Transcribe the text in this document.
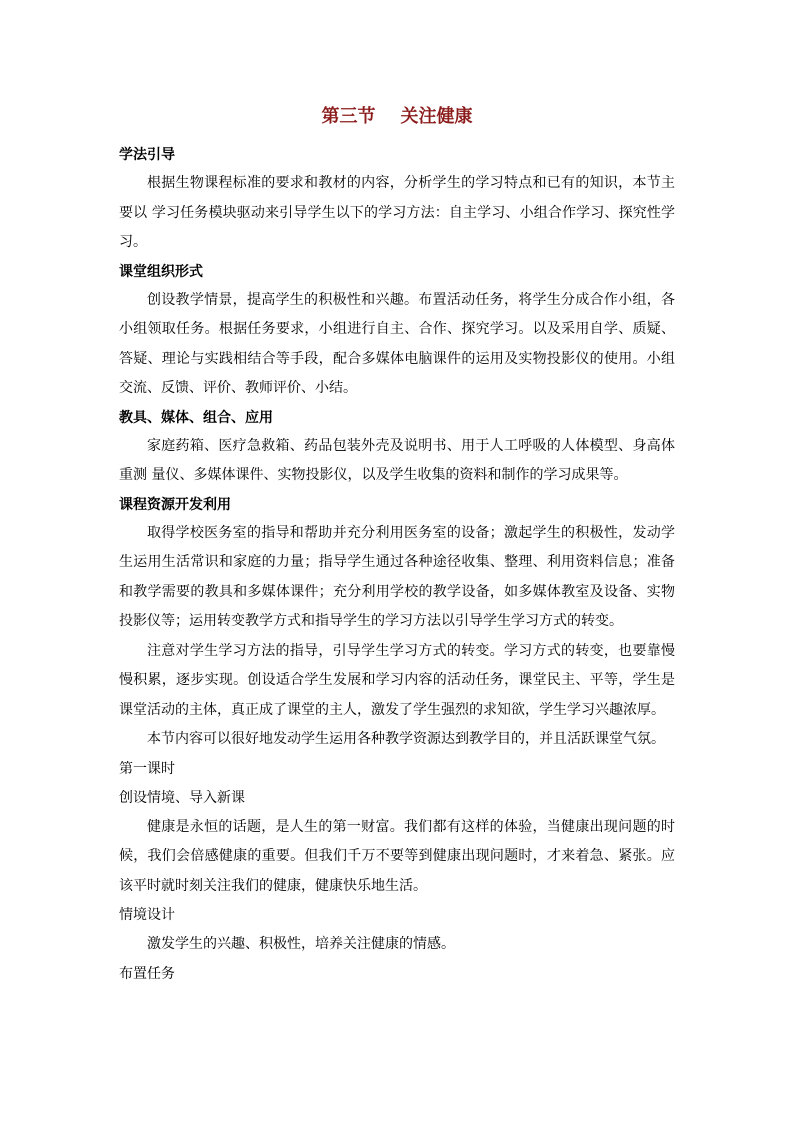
第三节    关注健康
学法引导
根据生物课程标准的要求和教材的内容，分析学生的学习特点和已有的知识，本节主要以 学习任务模块驱动来引导学生以下的学习方法：自主学习、小组合作学习、探究性学习。
课堂组织形式
创设教学情景，提高学生的积极性和兴趣。布置活动任务，将学生分成合作小组，各小组领取任务。根据任务要求，小组进行自主、合作、探究学习。以及采用自学、质疑、答疑、理论与实践相结合等手段，配合多媒体电脑课件的运用及实物投影仪的使用。小组交流、反馈、评价、教师评价、小结。
教具、媒体、组合、应用
家庭药箱、医疗急救箱、药品包装外壳及说明书、用于人工呼吸的人体模型、身高体重测 量仪、多媒体课件、实物投影仪，以及学生收集的资料和制作的学习成果等。
课程资源开发利用
取得学校医务室的指导和帮助并充分利用医务室的设备；激起学生的积极性，发动学生运用生活常识和家庭的力量；指导学生通过各种途径收集、整理、利用资料信息；准备和教学需要的教具和多媒体课件；充分利用学校的教学设备，如多媒体教室及设备、实物投影仪等；运用转变教学方式和指导学生的学习方法以引导学生学习方式的转变。
注意对学生学习方法的指导，引导学生学习方式的转变。学习方式的转变，也要靠慢慢积累，逐步实现。创设适合学生发展和学习内容的活动任务，课堂民主、平等，学生是课堂活动的主体，真正成了课堂的主人，激发了学生强烈的求知欲，学生学习兴趣浓厚。
本节内容可以很好地发动学生运用各种教学资源达到教学目的，并且活跃课堂气氛。
第一课时
创设情境、导入新课
健康是永恒的话题，是人生的第一财富。我们都有这样的体验，当健康出现问题的时候，我们会倍感健康的重要。但我们千万不要等到健康出现问题时，才来着急、紧张。应该平时就时刻关注我们的健康，健康快乐地生活。
情境设计
激发学生的兴趣、积极性，培养关注健康的情感。
布置任务
